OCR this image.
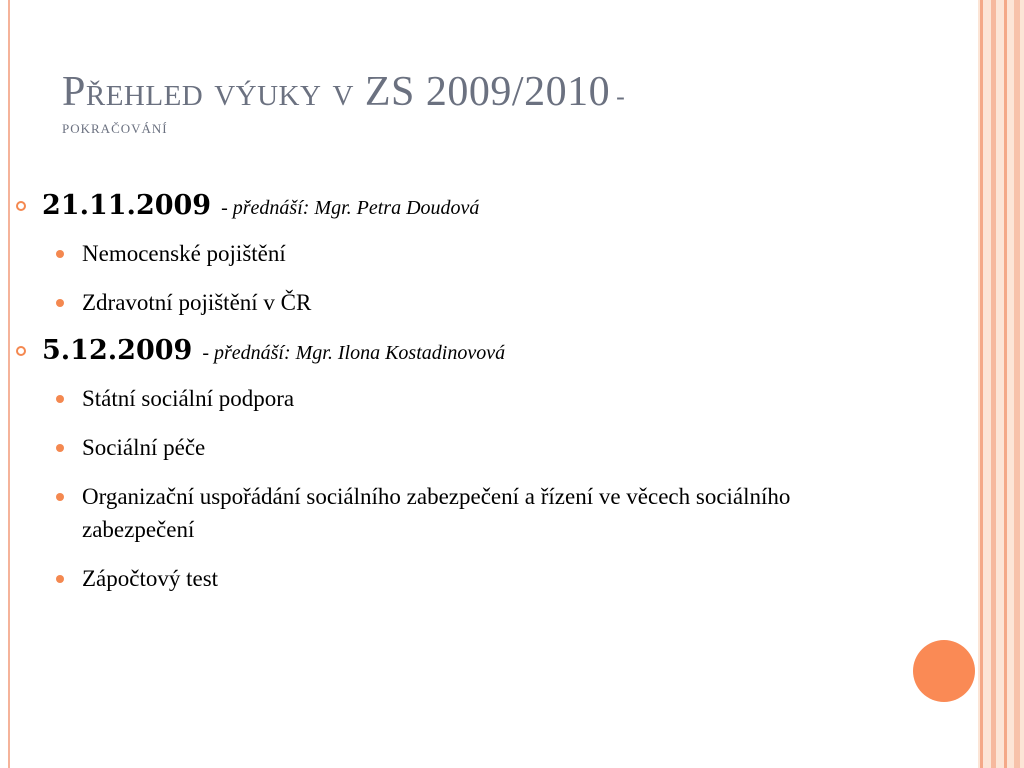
Přehled výuky v ZS 2009/2010 -
pokračování
21.11.2009 - přednáší: Mgr. Petra Doudová
Nemocenské pojištění
Zdravotní pojištění v ČR
5.12.2009 - přednáší: Mgr. Ilona Kostadinovová
Státní sociální podpora
Sociální péče
Organizační uspořádání sociálního zabezpečení a řízení ve věcech sociálního zabezpečení
Zápočtový test
